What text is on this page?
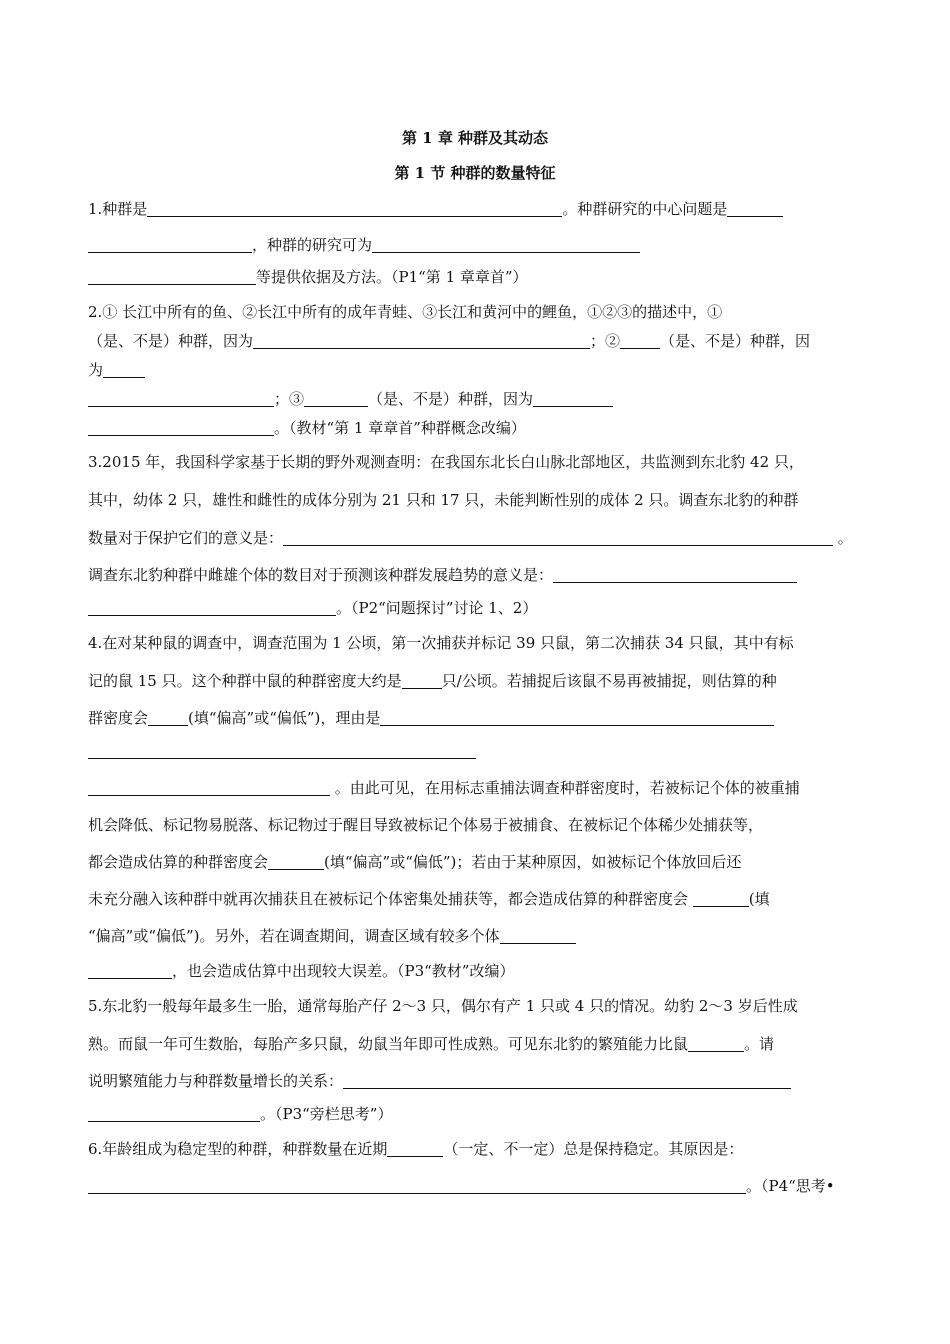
第 1 章 种群及其动态
第 1 节 种群的数量特征
1.种群是	。种群研究的中心问题是
，种群的研究可为
等提供依据及方法。（P1“第 1 章章首”）
2.① 长江中所有的鱼、②长江中所有的成年青蛙、③长江和黄河中的鲤鱼，①②③的描述中，①
（是、不是）种群，因为	；②	（是、不是）种群，因
为
；③	（是、不是）种群，因为
。（教材“第 1 章章首”种群概念改编）
3.2015 年，我国科学家基于长期的野外观测查明：在我国东北长白山脉北部地区，共监测到东北豹 42 只，
其中，幼体 2 只，雄性和雌性的成体分别为 21 只和 17 只，未能判断性别的成体 2 只。调查东北豹的种群
数量对于保护它们的意义是：	。
调查东北豹种群中雌雄个体的数目对于预测该种群发展趋势的意义是：
。（P2“问题探讨”讨论 1、2）
4.在对某种鼠的调查中，调查范围为 1 公顷，第一次捕获并标记 39 只鼠，第二次捕获 34 只鼠，其中有标
记的鼠 15 只。这个种群中鼠的种群密度大约是	只/公顷。若捕捉后该鼠不易再被捕捉，则估算的种
群密度会	(填“偏高”或“偏低”)，理由是
。由此可见，在用标志重捕法调查种群密度时，若被标记个体的被重捕
机会降低、标记物易脱落、标记物过于醒目导致被标记个体易于被捕食、在被标记个体稀少处捕获等，
都会造成估算的种群密度会	(填“偏高”或“偏低”)；若由于某种原因，如被标记个体放回后还
未充分融入该种群中就再次捕获且在被标记个体密集处捕获等，都会造成估算的种群密度会	(填
“偏高”或“偏低”)。另外，若在调查期间，调查区域有较多个体
，也会造成估算中出现较大误差。（P3“教材”改编）
5.东北豹一般每年最多生一胎，通常每胎产仔 2～3 只，偶尔有产 1 只或 4 只的情况。幼豹 2～3 岁后性成
熟。而鼠一年可生数胎，每胎产多只鼠，幼鼠当年即可性成熟。可见东北豹的繁殖能力比鼠	。请
说明繁殖能力与种群数量增长的关系：
。（P3“旁栏思考”）
6.年龄组成为稳定型的种群，种群数量在近期	（一定、不一定）总是保持稳定。其原因是：
。（P4“思考•
